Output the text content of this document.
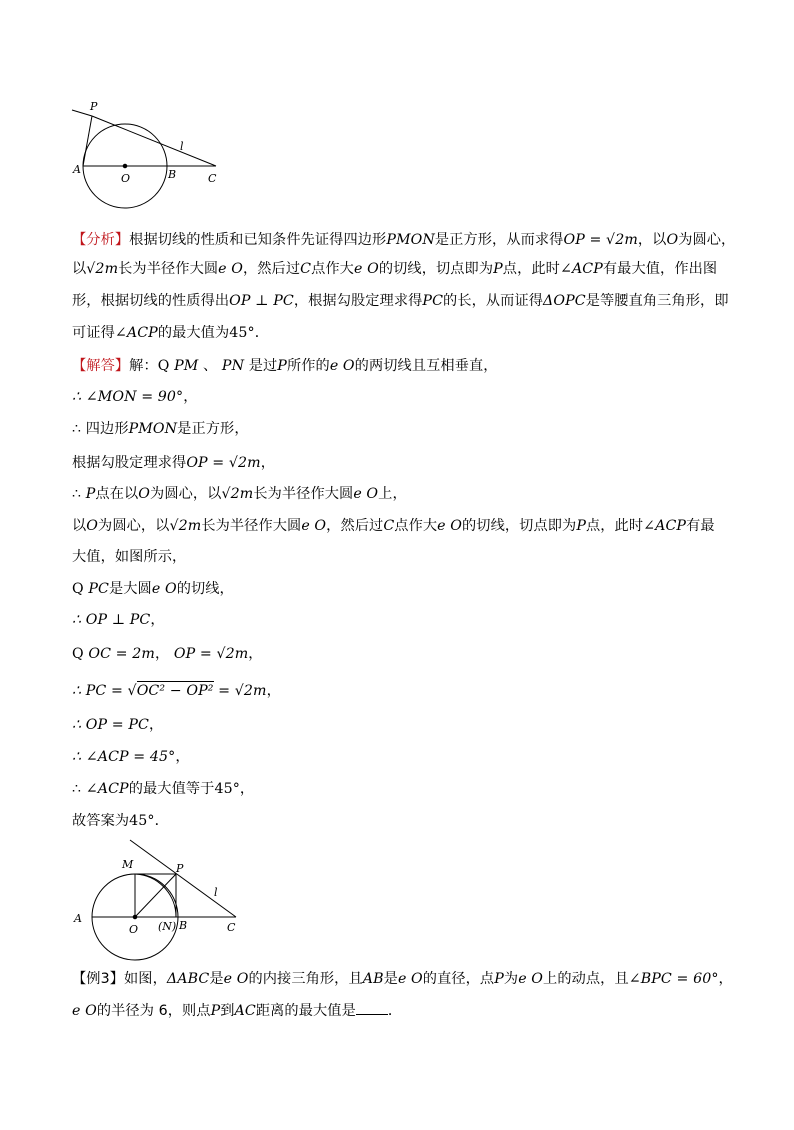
P
A
O	B	C
l
【分析】根据切线的性质和已知条件先证得四边形PMON是正方形，从而求得OP = √2m，以O为圆心，
以√2m长为半径作大圆e O，然后过C点作大e O的切线，切点即为P点，此时∠ACP有最大值，作出图
形，根据切线的性质得出OP ⊥ PC，根据勾股定理求得PC的长，从而证得ΔOPC是等腰直角三角形，即
可证得∠ACP的最大值为45°．
【解答】解：Q PM 、 PN 是过P所作的e O的两切线且互相垂直，
∴ ∠MON = 90°，
∴ 四边形PMON是正方形，
根据勾股定理求得OP = √2m，
∴ P点在以O为圆心，以√2m长为半径作大圆e O上，
以O为圆心，以√2m长为半径作大圆e O，然后过C点作大e O的切线，切点即为P点，此时∠ACP有最
大值，如图所示，
Q PC是大圆e O的切线，
∴ OP ⊥ PC，
Q OC = 2m， OP = √2m，
∴ PC = √OC² − OP² = √2m，
∴ OP = PC，
∴ ∠ACP = 45°，
∴ ∠ACP的最大值等于45°，
故答案为45°．
M	P
l
A
O (N) B	C
【例3】如图，ΔABC是e O的内接三角形，且AB是e O的直径，点P为e O上的动点，且∠BPC = 60°，
e O的半径为 6，则点P到AC距离的最大值是 ．
